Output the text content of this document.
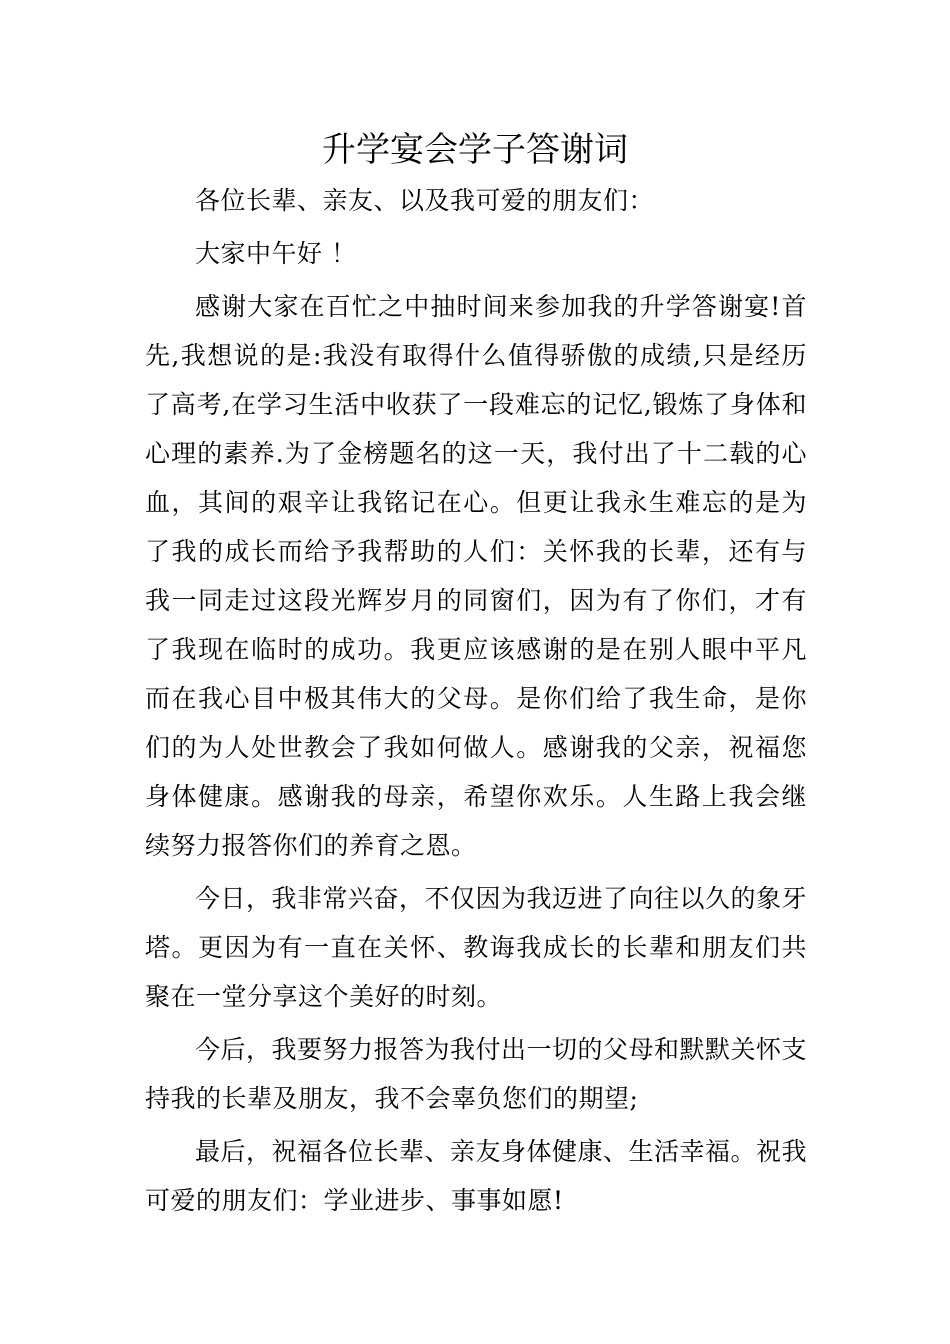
升学宴会学子答谢词

各位长辈、亲友、以及我可爱的朋友们：

大家中午好 ！

感谢大家在百忙之中抽时间来参加我的升学答谢宴!首先,我想说的是:我没有取得什么值得骄傲的成绩,只是经历了高考,在学习生活中收获了一段难忘的记忆,锻炼了身体和心理的素养.为了金榜题名的这一天，我付出了十二载的心血，其间的艰辛让我铭记在心。但更让我永生难忘的是为了我的成长而给予我帮助的人们：关怀我的长辈，还有与我一同走过这段光辉岁月的同窗们，因为有了你们，才有了我现在临时的成功。我更应该感谢的是在别人眼中平凡而在我心目中极其伟大的父母。是你们给了我生命，是你们的为人处世教会了我如何做人。感谢我的父亲，祝福您身体健康。感谢我的母亲，希望你欢乐。人生路上我会继续努力报答你们的养育之恩。

今日，我非常兴奋，不仅因为我迈进了向往以久的象牙塔。更因为有一直在关怀、教诲我成长的长辈和朋友们共聚在一堂分享这个美好的时刻。

今后，我要努力报答为我付出一切的父母和默默关怀支持我的长辈及朋友，我不会辜负您们的期望;

最后，祝福各位长辈、亲友身体健康、生活幸福。祝我可爱的朋友们：学业进步、事事如愿!
